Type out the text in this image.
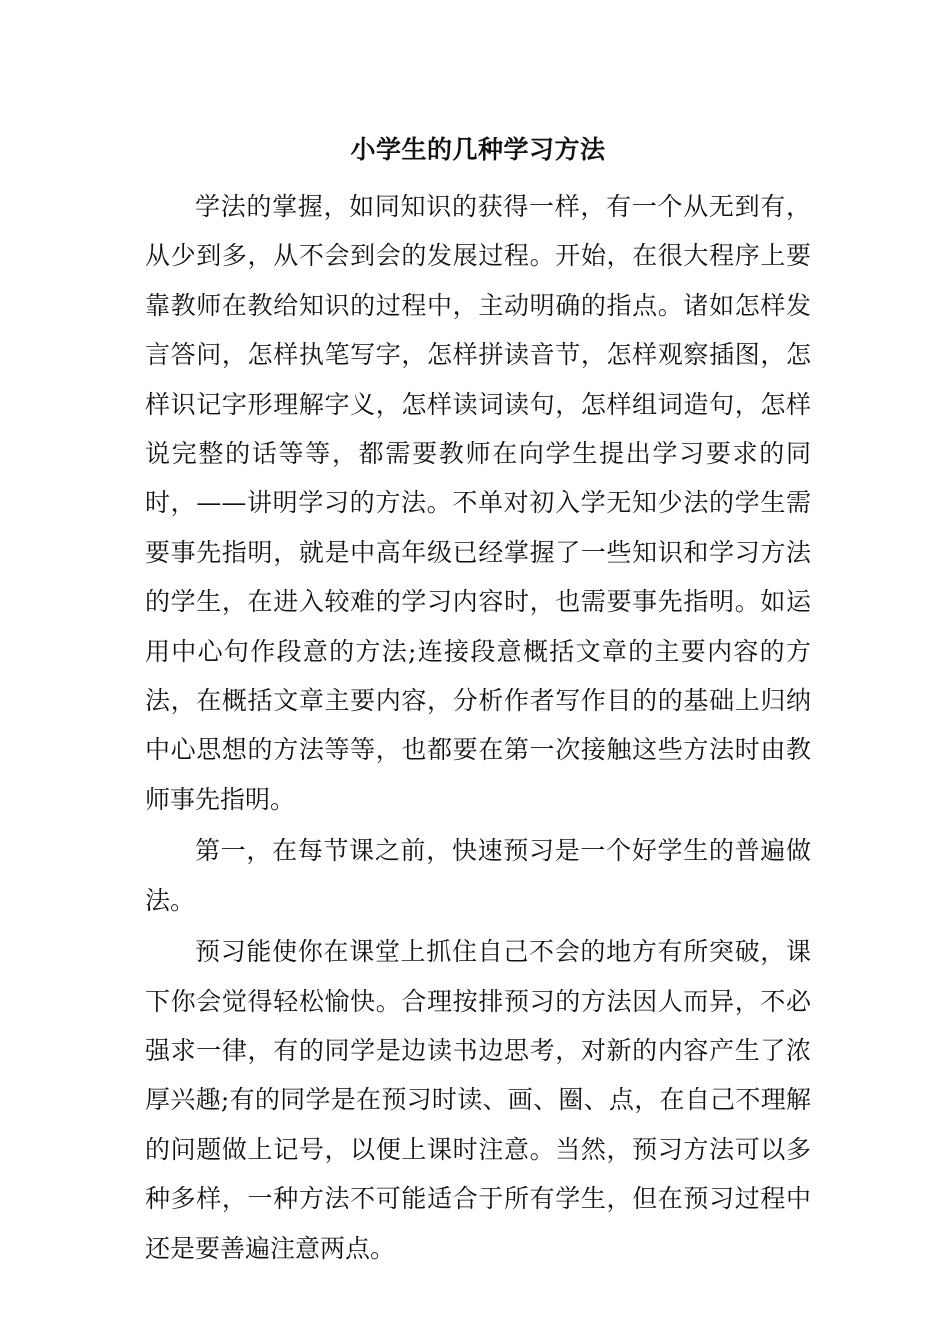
小学生的几种学习方法

学法的掌握，如同知识的获得一样，有一个从无到有，从少到多，从不会到会的发展过程。开始，在很大程序上要靠教师在教给知识的过程中，主动明确的指点。诸如怎样发言答问，怎样执笔写字，怎样拼读音节，怎样观察插图，怎样识记字形理解字义，怎样读词读句，怎样组词造句，怎样说完整的话等等，都需要教师在向学生提出学习要求的同时，——讲明学习的方法。不单对初入学无知少法的学生需要事先指明，就是中高年级已经掌握了一些知识和学习方法的学生，在进入较难的学习内容时，也需要事先指明。如运用中心句作段意的方法;连接段意概括文章的主要内容的方法，在概括文章主要内容，分析作者写作目的的基础上归纳中心思想的方法等等，也都要在第一次接触这些方法时由教师事先指明。

第一，在每节课之前，快速预习是一个好学生的普遍做法。

预习能使你在课堂上抓住自己不会的地方有所突破，课下你会觉得轻松愉快。合理按排预习的方法因人而异，不必强求一律，有的同学是边读书边思考，对新的内容产生了浓厚兴趣;有的同学是在预习时读、画、圈、点，在自己不理解的问题做上记号，以便上课时注意。当然，预习方法可以多种多样，一种方法不可能适合于所有学生，但在预习过程中还是要善遍注意两点。
